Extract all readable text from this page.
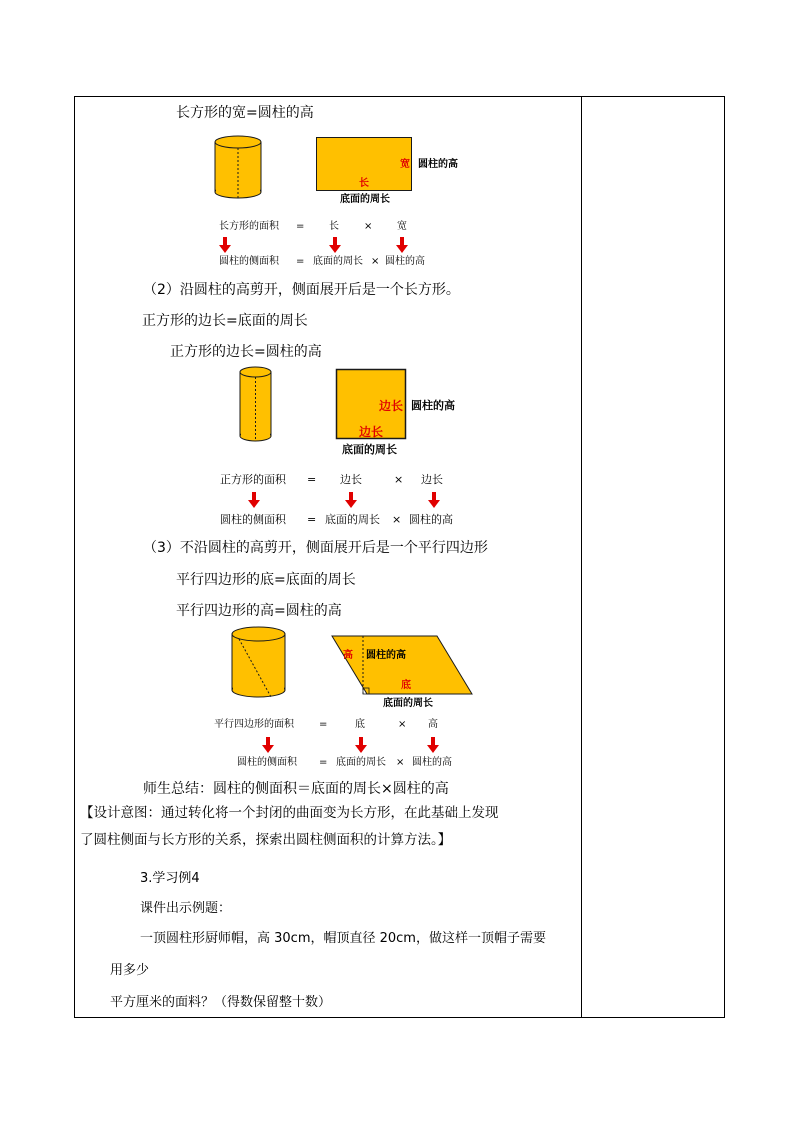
长方形的宽=圆柱的高
宽 圆柱的高
长
底面的周长
长方形的面积 = 长	× 宽
圆柱的侧面积 = 底面的周长 × 圆柱的高
（2）沿圆柱的高剪开，侧面展开后是一个长方形。
正方形的边长=底面的周长
正方形的边长=圆柱的高
边长 圆柱的高
边长
底面的周长
正方形的面积 = 边长	× 边长
圆柱的侧面积 = 底面的周长 × 圆柱的高
（3）不沿圆柱的高剪开，侧面展开后是一个平行四边形
平行四边形的底=底面的周长
平行四边形的高=圆柱的高
高 圆柱的高
底
底面的周长
平行四边形的面积	=	底	× 高
圆柱的侧面积 = 底面的周长 × 圆柱的高
师生总结：圆柱的侧面积＝底面的周长×圆柱的高
【设计意图：通过转化将一个封闭的曲面变为长方形，在此基础上发现
了圆柱侧面与长方形的关系，探索出圆柱侧面积的计算方法。】
3.学习例4
课件出示例题：
一顶圆柱形厨师帽，高 30cm，帽顶直径 20cm，做这样一顶帽子需要
用多少
平方厘米的面料？（得数保留整十数）
